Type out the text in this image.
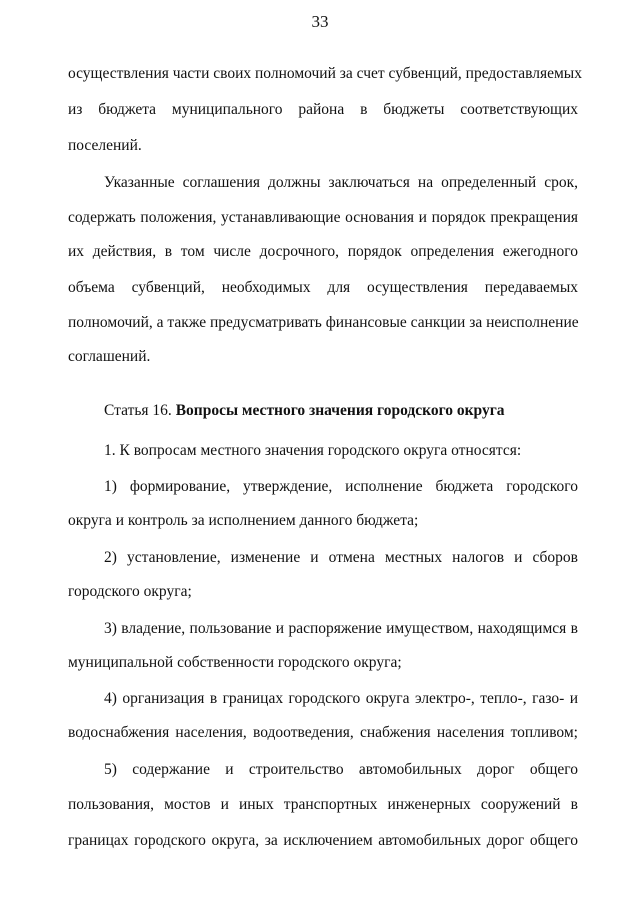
33
осуществления части своих полномочий за счет субвенций, предоставляемых
из бюджета муниципального района в бюджеты соответствующих
поселений.
Указанные соглашения должны заключаться на определенный срок,
содержать положения, устанавливающие основания и порядок прекращения
их действия, в том числе досрочного, порядок определения ежегодного
объема субвенций, необходимых для осуществления передаваемых
полномочий, а также предусматривать финансовые санкции за неисполнение
соглашений.
Статья 16. Вопросы местного значения городского округа
1. К вопросам местного значения городского округа относятся:
1) формирование, утверждение, исполнение бюджета городского
округа и контроль за исполнением данного бюджета;
2) установление, изменение и отмена местных налогов и сборов
городского округа;
3) владение, пользование и распоряжение имуществом, находящимся в
муниципальной собственности городского округа;
4) организация в границах городского округа электро-, тепло-, газо- и
водоснабжения населения, водоотведения, снабжения населения топливом;
5) содержание и строительство автомобильных дорог общего
пользования, мостов и иных транспортных инженерных сооружений в
границах городского округа, за исключением автомобильных дорог общего
